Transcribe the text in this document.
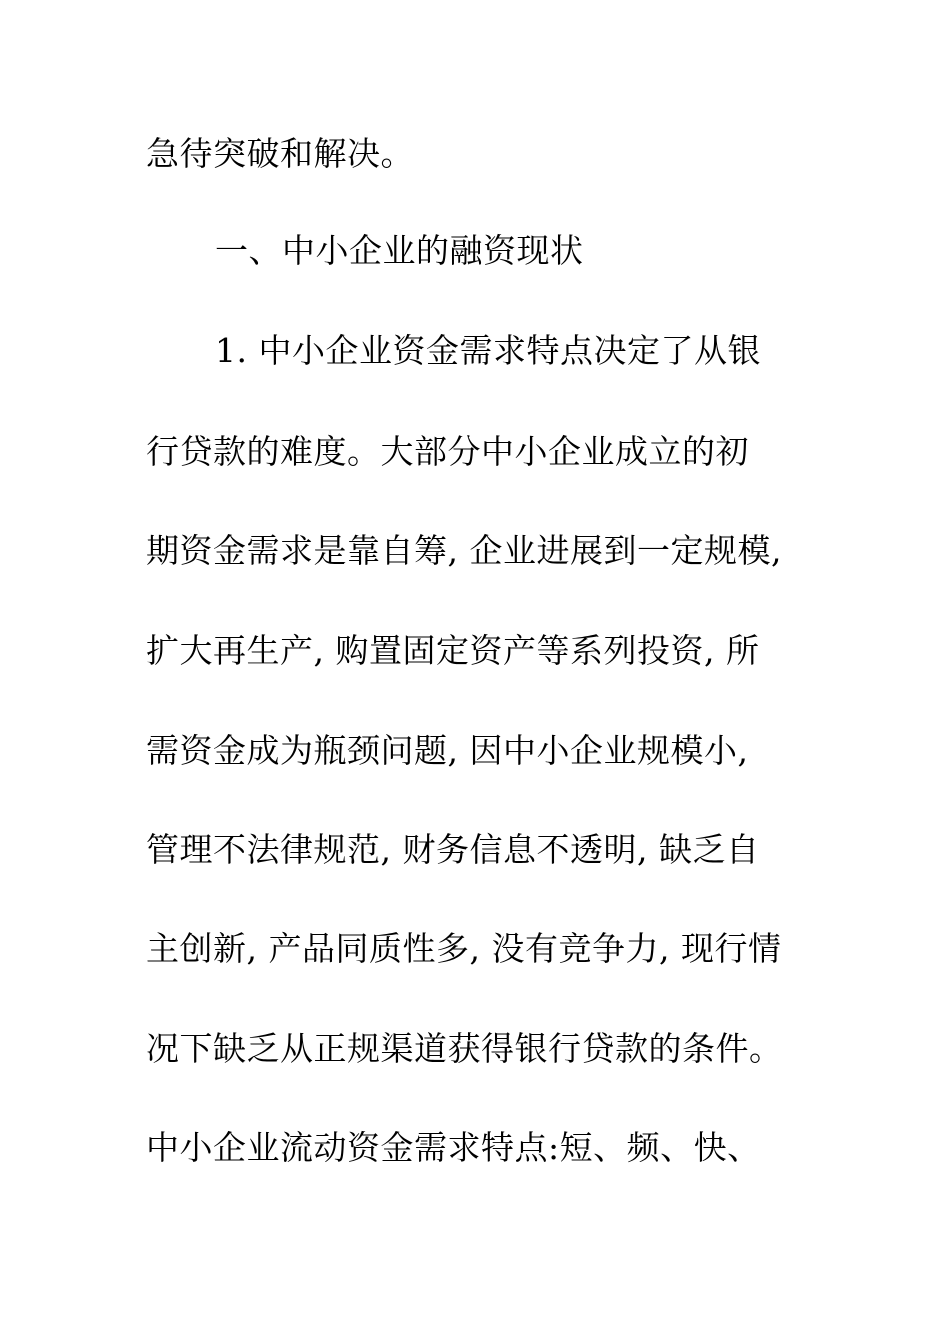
急待突破和解决。
一、中小企业的融资现状
1. 中小企业资金需求特点决定了从银
行贷款的难度。大部分中小企业成立的初
期资金需求是靠自筹, 企业进展到一定规模,
扩大再生产, 购置固定资产等系列投资, 所
需资金成为瓶颈问题, 因中小企业规模小,
管理不法律规范, 财务信息不透明, 缺乏自
主创新, 产品同质性多, 没有竞争力, 现行情
况下缺乏从正规渠道获得银行贷款的条件。
中小企业流动资金需求特点:短、频、快、
